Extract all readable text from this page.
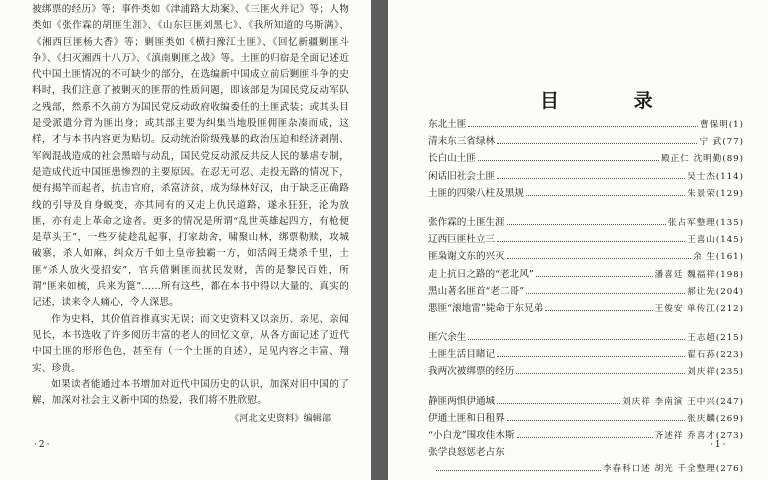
被绑票的经历》等；事件类如《津浦路大劫案》、《三匪火并记》等；人物类如《张作霖的胡匪生涯》、《山东巨匪刘黑七》、《我所知道的乌斯满》、《湘西巨匪杨大香》等；剿匪类如《横扫豫江土匪》、《回忆新疆剿匪斗争》、《扫灭湘西十八万》、《滇南剿匪之战》等。土匪的归宿是全面记述近代中国土匪情况的不可缺少的部分，在选编新中国成立前后剿匪斗争的史料时，我们注意了被剿灭的匪帮的性质问题，即该部是为国民党反动军队之残部，然系不久前方为国民党反动政府收编委任的土匪武装；或其头目是受派遣分背为匪出身；或其部主要为纠集当地股匪佣匪杂凑而成，这样，才与本书内容更为贴切。反动统治阶级残暴的政治压迫和经济剥削、军阀混战造成的社会黑暗与动乱，国民党反动派反共反人民的暴虐专制，是造成代近中国匪患惨烈的主要原因。在忍无可忍、走投无路的情况下，便有揭竿而起者，抗击官府，杀富济贫，成为绿林好汉，由于缺乏正确路线的引导及自身蜕变，亦其同有的又走上仇民道路，遂永狂狂，沦为放匪，亦有走上革命之途者。更多的情况是所谓“乱世英雄起四方，有枪便是草头王”，一些歹徒趁乱起事，打家劫舍，啸聚山林，绑票勒赎，攻城破寨，杀人如麻，纠众万千如土皇帝独霸一方，如活阎王烧杀千里，土匪“杀人放火受招安”，官兵借剿匪而扰民发财，苦的是黎民百姓，所谓“匪来如梳，兵来为篦”……所有这些，都在本书中得以大量的、真实的记述，读来令人痛心，令人深思。

作为史料，其价值首推真实无误；而文史资料又以亲历、亲见、亲闻见长，本书选收了许多阅历丰富的老人的回忆文章，从各方面记述了近代中国土匪的形形色色，甚至有（一个土匪的自述），足见内容之丰富、翔实、珍贵。

如果读者能通过本书增加对近代中国历史的认识，加深对旧中国的了解，加深对社会主义新中国的热爱，我们将不胜欣慰。

《河北文史资料》编辑部
·2·
目 录
东北土匪	曹保明(1)
清末东三省绿林	宁 武(77)
长白山土匪	殿正仁 沈明勤(89)
闲话旧社会土匪	吴士杰(114)
土匪的四梁八柱及黑规	朱景荣(129)
张作霖的土匪生涯	张占军整理(135)
辽西巨匪杜立三	王喜山(145)
匪枭谢文东的兴灭	余 生(161)
走上抗日之路的“老北风”	潘喜廷 魏福祥(198)
黑山著名匪首“老二哥”	郝让先(204)
悪匪“滚地雷”毙命于东兄弟	王俊安 单传江(212)
匪穴余生	王志超(215)
土匪生活目睹记	翟石荪(223)
我两次被绑票的经历	刘庆祥(235)
静匪两惧伊通城	刘庆祥 李南演 王中兴(247)
伊通土匪和日租界	张庆麟(269)
“小白龙”围攻佳木斯	齐述祥 乔喜才(273)
张学良怒惩老占东
李春科口述 胡光 千全整理(276)
·1·
